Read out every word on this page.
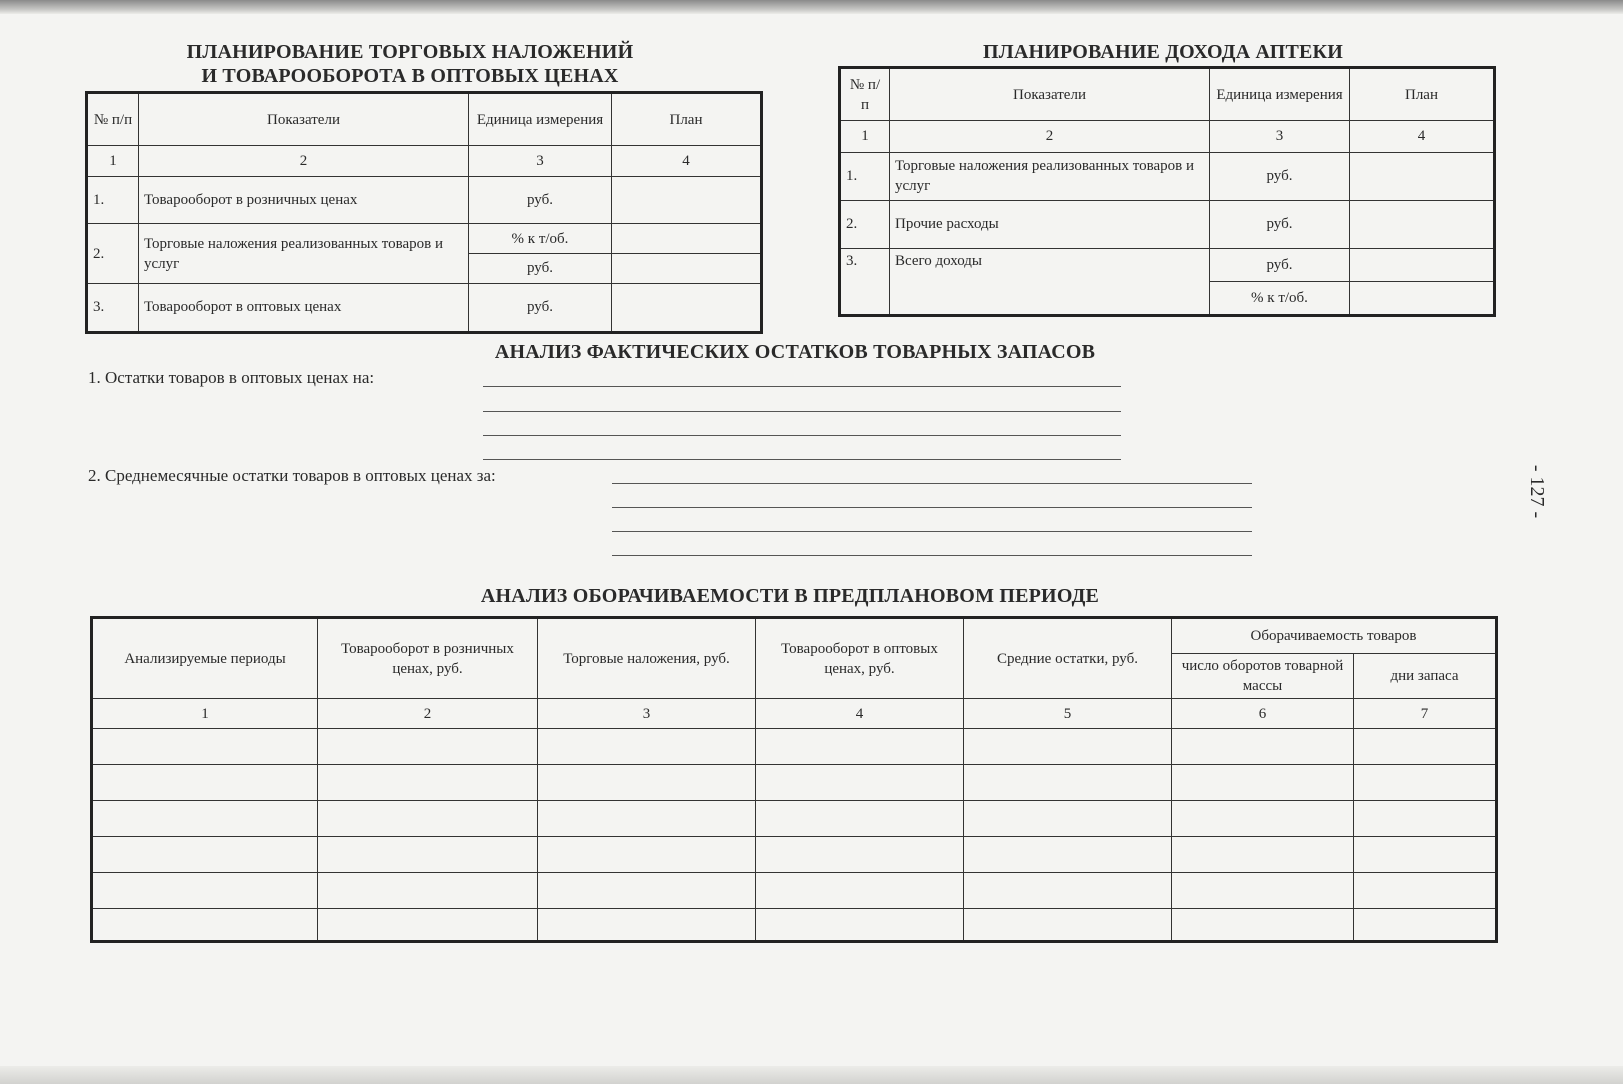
ПЛАНИРОВАНИЕ ТОРГОВЫХ НАЛОЖЕНИЙ
И ТОВАРООБОРОТА В ОПТОВЫХ ЦЕНАХ
№ п/п	Показатели	Единица измерения	План
1	2	3	4
1.	Товарооборот в розничных ценах	руб.	
2.	Торговые наложения реализованных товаров и услуг	% к т/об.	
		руб.	
3.	Товарооборот в оптовых ценах	руб.	
ПЛАНИРОВАНИЕ ДОХОДА АПТЕКИ
№ п/п	Показатели	Единица измерения	План
1	2	3	4
1.	Торговые наложения реализованных товаров и услуг	руб.	
2.	Прочие расходы	руб.	
3.	Всего доходы	руб.	
		% к т/об.	
АНАЛИЗ ФАКТИЧЕСКИХ ОСТАТКОВ ТОВАРНЫХ ЗАПАСОВ
1. Остатки товаров в оптовых ценах на:
2. Среднемесячные остатки товаров в оптовых ценах за:	- 127 -
АНАЛИЗ ОБОРАЧИВАЕМОСТИ В ПРЕДПЛАНОВОМ ПЕРИОДЕ
Анализируемые периоды	Товарооборот в розничных ценах, руб.	Торговые наложения, руб.	Товарооборот в оптовых ценах, руб.	Средние остатки, руб.	Оборачиваемость товаров	
					число оборотов товарной массы	дни запаса
1	2	3	4	5	6	7
